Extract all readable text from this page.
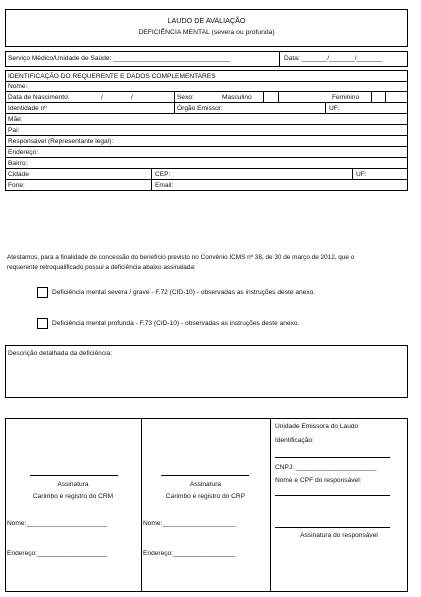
LAUDO DE AVALIAÇÃO
DEFICIÊNCIA MENTAL (severa ou profunda)
Serviço Médico/Unidade de Saúde: ________________________________	Data: _______/_______/_______
IDENTIFICAÇÃO DO REQUERENTE E DADOS COMPLEMENTARES
Nome:
Data de Nascimento:	/	/	Sexo:	Masculino	Feminino
Identidade nº	Órgão Emissor:	UF:
Mãe:
Pai:
Responsável (Representante legal):
Endereço:
Bairro:
Cidade	CEP:	UF:
Fone:	Email:
Atestamos, para a finalidade de concessão do benefício previsto no Convênio ICMS nº 38, de 30 de março de 2012, que o
requerente retroqualificado possui a deficiência abaixo assinalada:
Deficiência mental severa / grave - F.72 (CID-10) - observadas as instruções deste anexo.
Deficiência mental profunda - F.73 (CID-10) - observadas as instruções deste anexo.
Descrição detalhada da deficiência:
Assinatura
Carimbo e registro do CRM
Nome:______________________
Endereço:___________________
Assinatura
Carimbo e registro do CRP
Nome:____________________
Endereço:_________________
Unidade Emissora do Laudo
Identificação:
CNPJ: ______________________
Nome e CPF do responsável:
Assinatura do responsável
